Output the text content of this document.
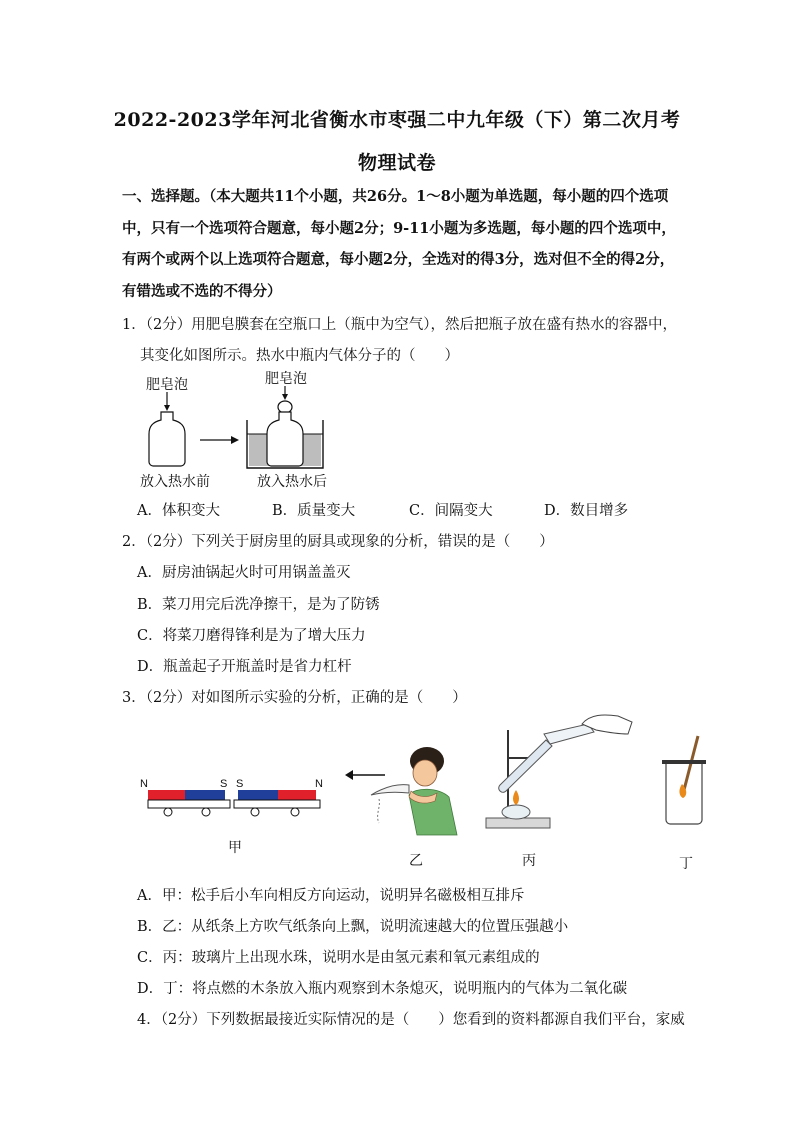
2022-2023学年河北省衡水市枣强二中九年级（下）第二次月考
物理试卷
一、选择题。（本大题共11个小题，共26分。1～8小题为单选题，每小题的四个选项中，只有一个选项符合题意，每小题2分；9-11小题为多选题，每小题的四个选项中，有两个或两个以上选项符合题意，每小题2分，全选对的得3分，选对但不全的得2分，有错选或不选的不得分）
1．（2分）用肥皂膜套在空瓶口上（瓶中为空气），然后把瓶子放在盛有热水的容器中，
其变化如图所示。热水中瓶内气体分子的（　　）
肥皂泡	肥皂泡
放入热水前	放入热水后
A．体积变大	B．质量变大	C．间隔变大	D．数目增多
2．（2分）下列关于厨房里的厨具或现象的分析，错误的是（　　）
A．厨房油锅起火时可用锅盖盖灭
B．菜刀用完后洗净擦干，是为了防锈
C．将菜刀磨得锋利是为了增大压力
D．瓶盖起子开瓶盖时是省力杠杆
3．（2分）对如图所示实验的分析，正确的是（　　）
N	S S	N
甲
乙	丙	丁
A．甲：松手后小车向相反方向运动，说明异名磁极相互排斥
B．乙：从纸条上方吹气纸条向上飘，说明流速越大的位置压强越小
C．丙：玻璃片上出现水珠，说明水是由氢元素和氧元素组成的
D．丁：将点燃的木条放入瓶内观察到木条熄灭，说明瓶内的气体为二氧化碳
4．（2分）下列数据最接近实际情况的是（　　）您看到的资料都源自我们平台，家威
